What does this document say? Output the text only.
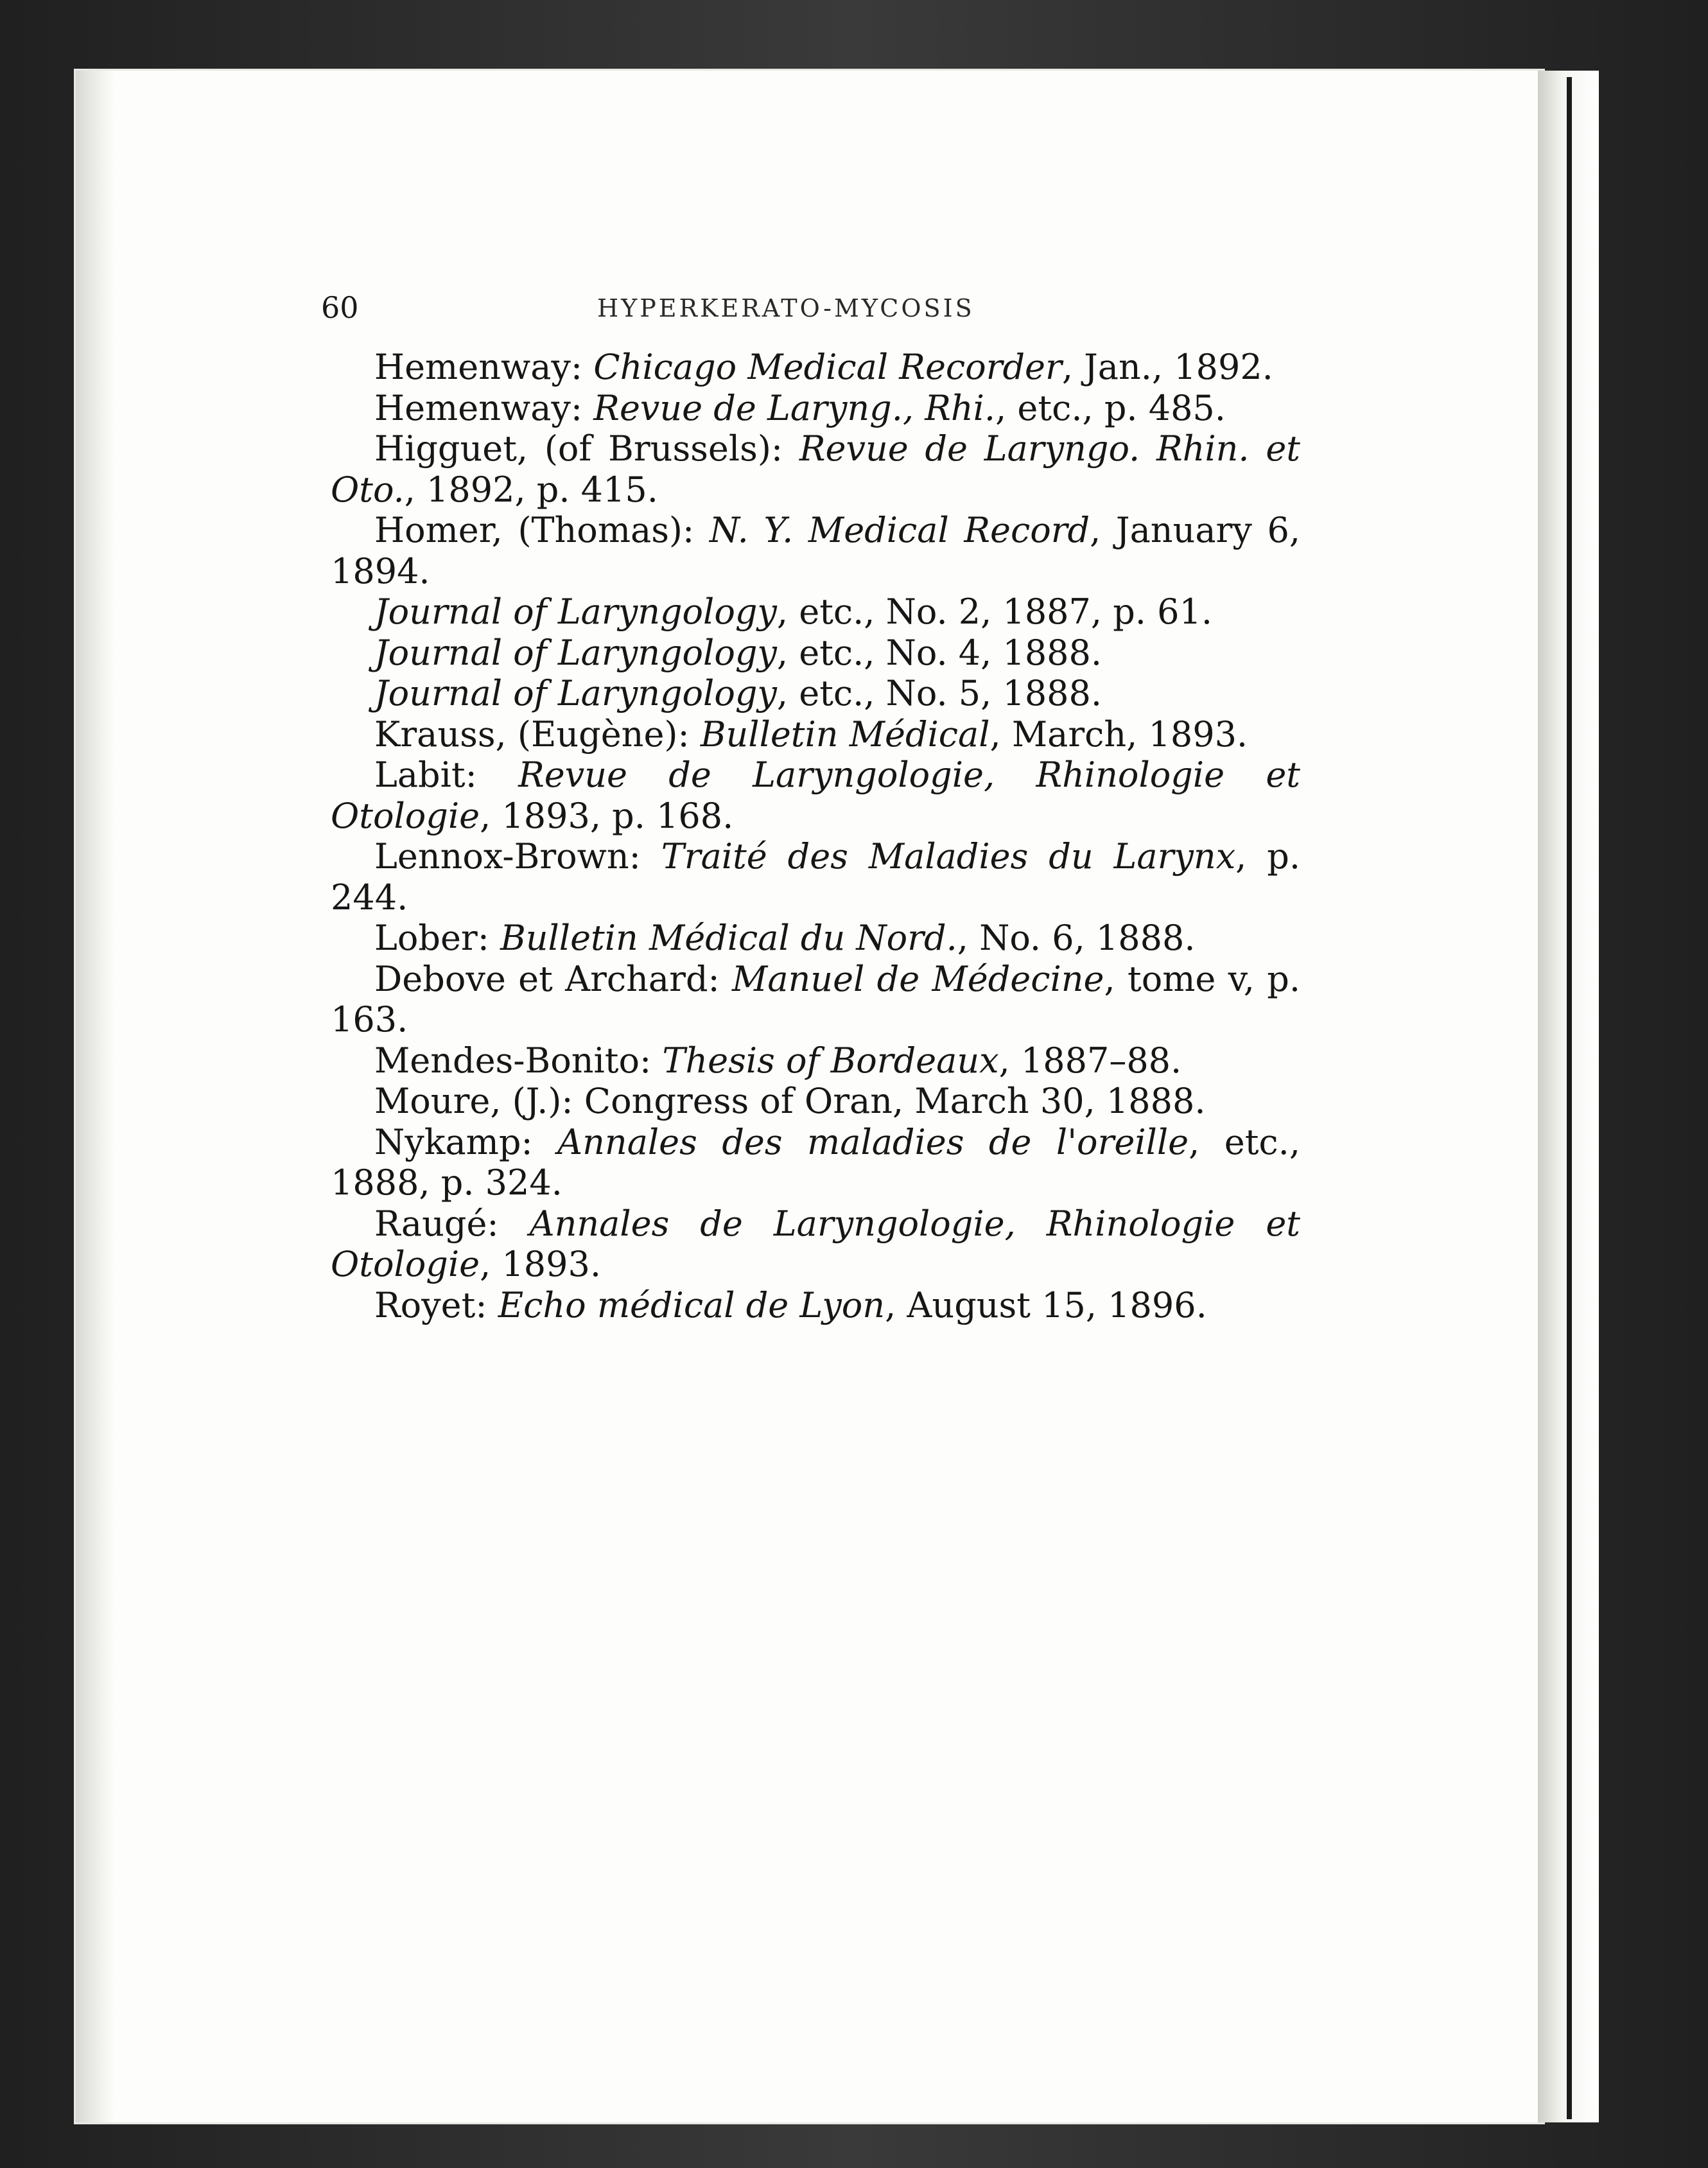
60	HYPERKERATO-MYCOSIS
Hemenway: Chicago Medical Recorder, Jan., 1892.
Hemenway: Revue de Laryng., Rhi., etc., p. 485.
Higguet, (of Brussels): Revue de Laryngo. Rhin. et Oto., 1892, p. 415.
Homer, (Thomas): N. Y. Medical Record, January 6, 1894.
Journal of Laryngology, etc., No. 2, 1887, p. 61.
Journal of Laryngology, etc., No. 4, 1888.
Journal of Laryngology, etc., No. 5, 1888.
Krauss, (Eugène): Bulletin Médical, March, 1893.
Labit: Revue de Laryngologie, Rhinologie et Otologie, 1893, p. 168.
Lennox-Brown: Traité des Maladies du Larynx, p. 244.
Lober: Bulletin Médical du Nord., No. 6, 1888.
Debove et Archard: Manuel de Médecine, tome v, p. 163.
Mendes-Bonito: Thesis of Bordeaux, 1887–88.
Moure, (J.): Congress of Oran, March 30, 1888.
Nykamp: Annales des maladies de l'oreille, etc., 1888, p. 324.
Raugé: Annales de Laryngologie, Rhinologie et Otologie, 1893.
Royet: Echo médical de Lyon, August 15, 1896.
